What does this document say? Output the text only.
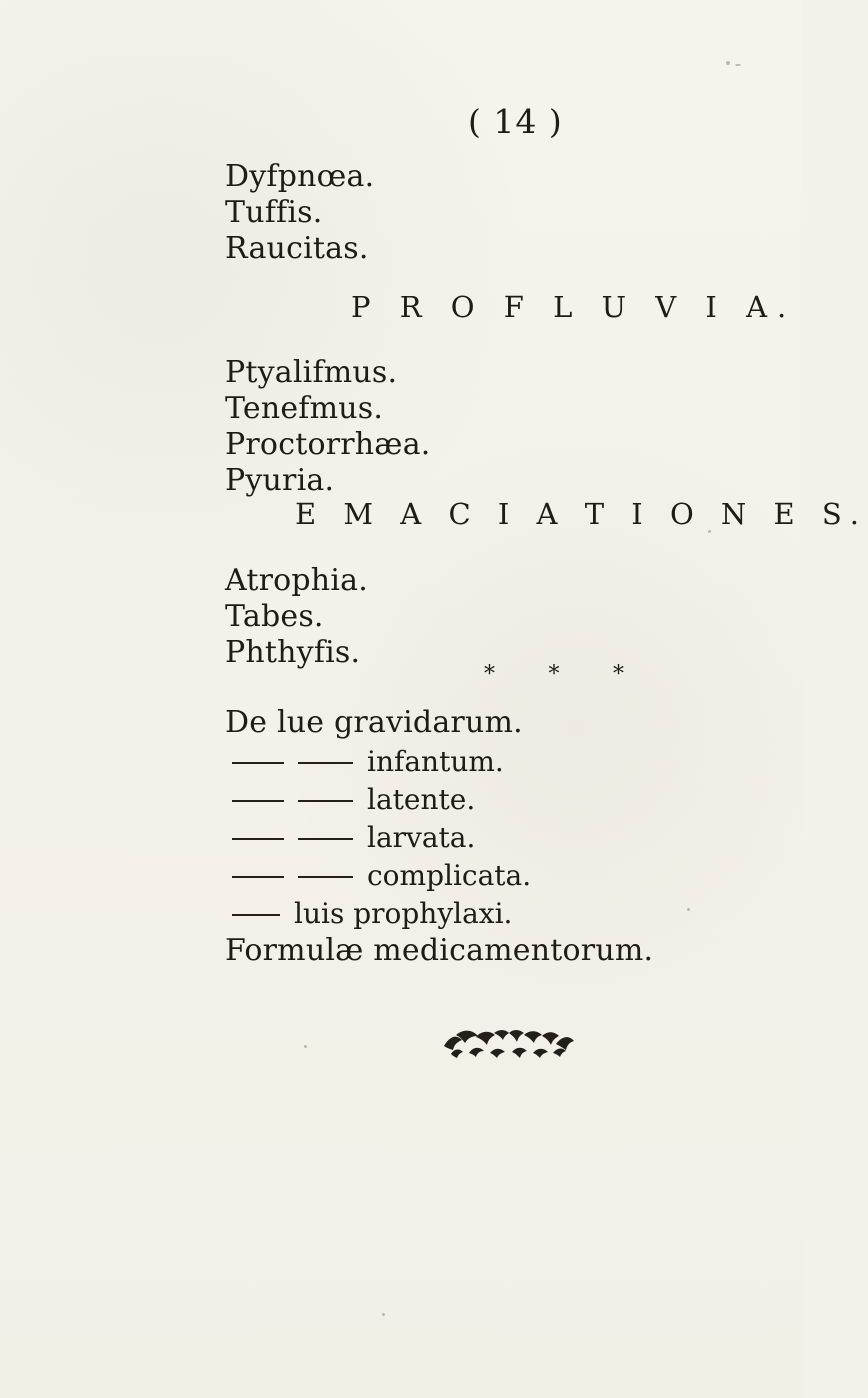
( 14 )
Dyfpnœa.
Tuffis.
Raucitas.
P R O F L U V I A.
Ptyalifmus.
Tenefmus.
Proctorrhæa.
Pyuria.
E M A C I A T I O N E S.
Atrophia.
Tabes.
Phthyfis.
* * *
De lue gravidarum.
infantum.
latente.
larvata.
complicata.
luis prophylaxi.
Formulæ medicamentorum.
